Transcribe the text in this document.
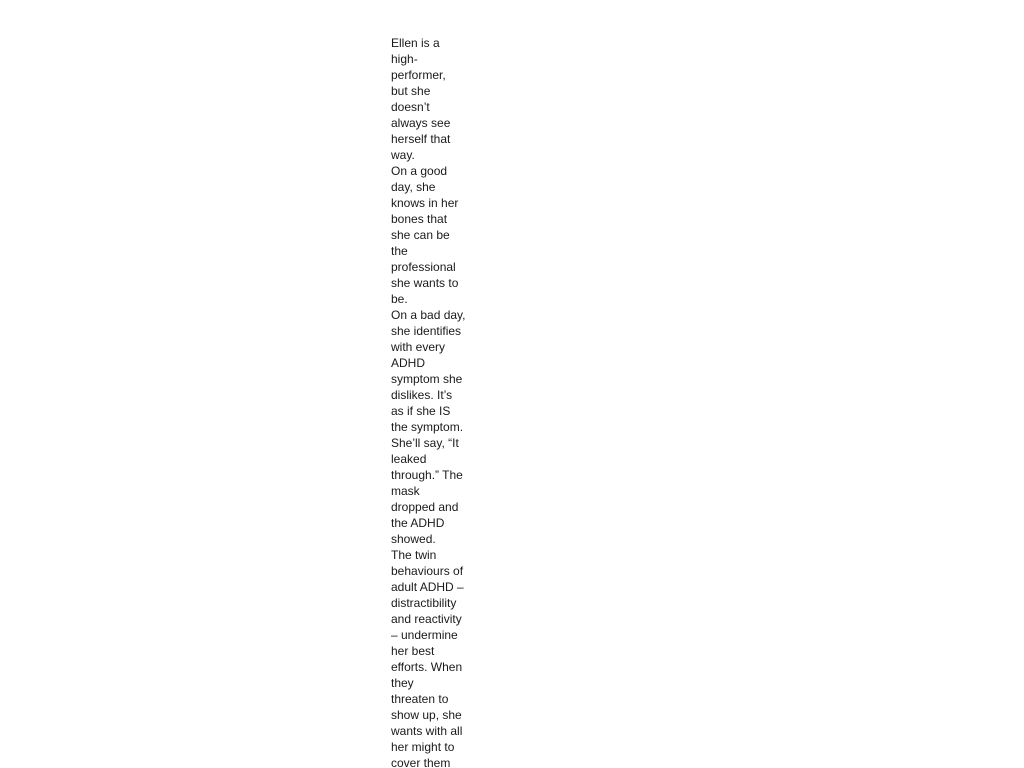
Ellen is a
high-
performer,
but she
doesn’t
always see
herself that
way.

On a good
day, she
knows in her
bones that
she can be
the
professional
she wants to
be.

On a bad day,
she identifies
with every
ADHD
symptom she
dislikes. It’s
as if she IS
the symptom.
She’ll say, “It
leaked
through.” The
mask
dropped and
the ADHD
showed.

The twin
behaviours of
adult ADHD –
distractibility
and reactivity
– undermine
her best
efforts. When
they
threaten to
show up, she
wants with all
her might to
cover them
